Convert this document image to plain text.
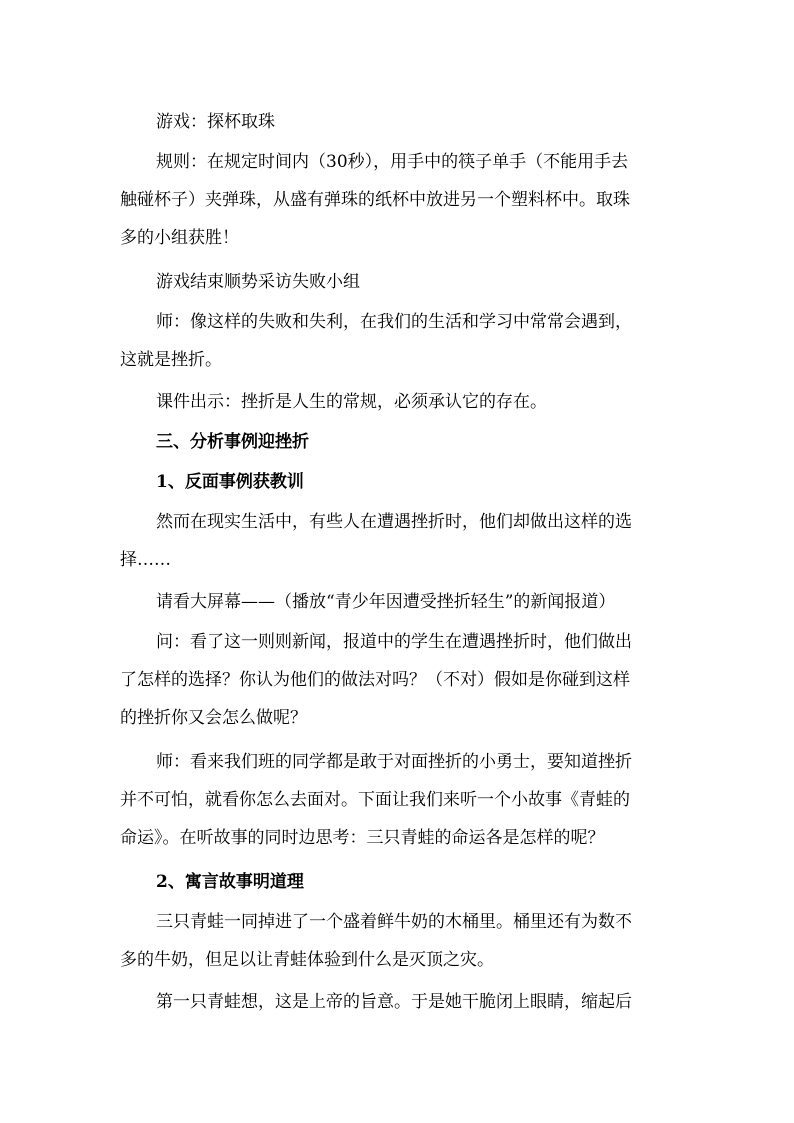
游戏：探杯取珠

规则：在规定时间内（30秒），用手中的筷子单手（不能用手去
触碰杯子）夹弹珠，从盛有弹珠的纸杯中放进另一个塑料杯中。取珠
多的小组获胜！

游戏结束顺势采访失败小组

师：像这样的失败和失利，在我们的生活和学习中常常会遇到，
这就是挫折。

课件出示：挫折是人生的常规，必须承认它的存在。

三、分析事例迎挫折

1、反面事例获教训

然而在现实生活中，有些人在遭遇挫折时，他们却做出这样的选
择……

请看大屏幕——（播放“青少年因遭受挫折轻生”的新闻报道）

问：看了这一则则新闻，报道中的学生在遭遇挫折时，他们做出
了怎样的选择？你认为他们的做法对吗？（不对）假如是你碰到这样
的挫折你又会怎么做呢？

师：看来我们班的同学都是敢于对面挫折的小勇士，要知道挫折
并不可怕，就看你怎么去面对。下面让我们来听一个小故事《青蛙的
命运》。在听故事的同时边思考：三只青蛙的命运各是怎样的呢？

2、寓言故事明道理

三只青蛙一同掉进了一个盛着鲜牛奶的木桶里。桶里还有为数不
多的牛奶，但足以让青蛙体验到什么是灭顶之灾。

第一只青蛙想，这是上帝的旨意。于是她干脆闭上眼睛，缩起后
